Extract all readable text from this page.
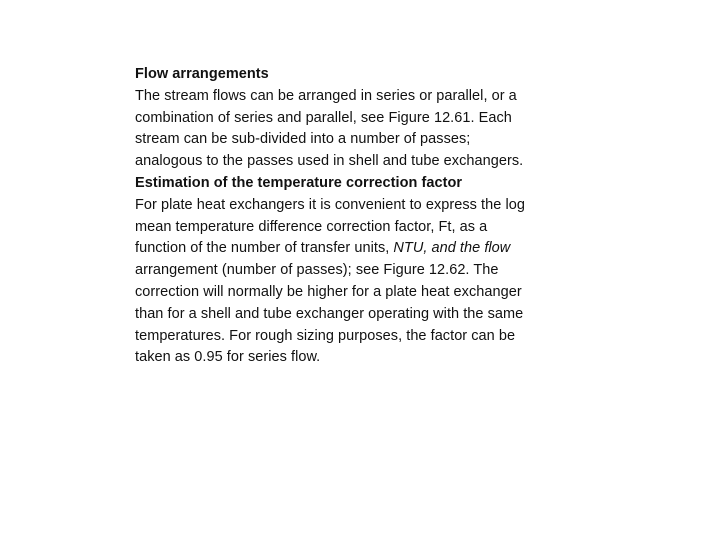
Flow arrangements
The stream flows can be arranged in series or parallel, or a
combination of series and parallel, see Figure 12.61. Each
stream can be sub-divided into a number of passes;
analogous to the passes used in shell and tube exchangers.
Estimation of the temperature correction factor
For plate heat exchangers it is convenient to express the log
mean temperature difference correction factor, Ft, as a
function of the number of transfer units, NTU, and the flow
arrangement (number of passes); see Figure 12.62. The
correction will normally be higher for a plate heat exchanger
than for a shell and tube exchanger operating with the same
temperatures. For rough sizing purposes, the factor can be
taken as 0.95 for series flow.
